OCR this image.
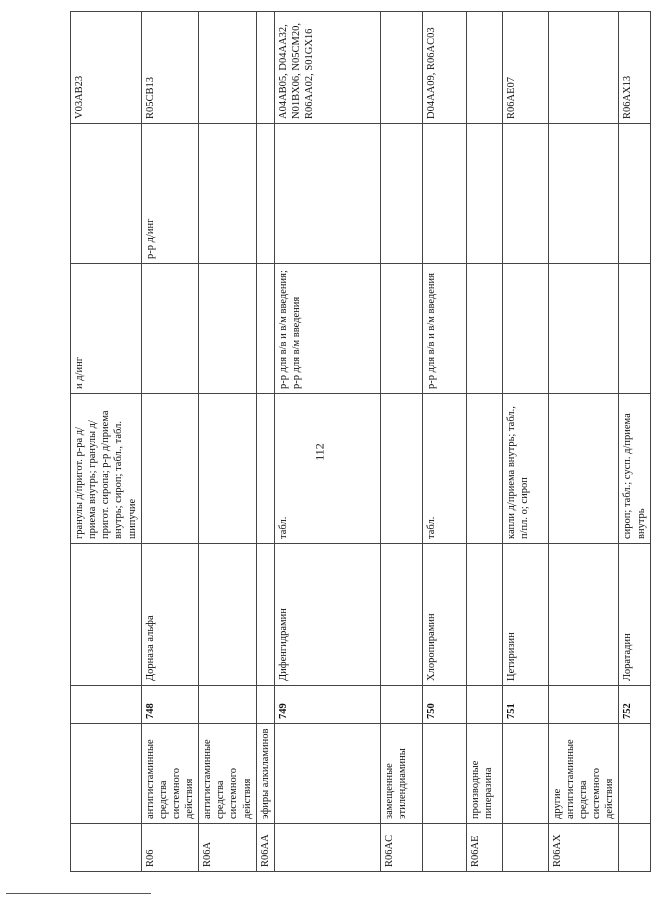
112
				гранулы д/пригот. р-ра д/приема внутрь; гранулы д/пригот. сиропа; р-р д/приема внутрь; сироп; табл., табл. шипучие	и д/инг		V03AB23
R06	антигистаминные средства системного действия	748	Дорназа альфа			р-р д/инг	R05CB13
R06A	антигистаминные средства системного действия						
R06AA	эфиры алкиламинов						
		749	Дифенгидрамин	табл.	р-р для в/в и в/м введения; р-р для в/м введения		A04AB05, D04AA32, N01BX06, N05CM20, R06AA02, S01GX16
R06AC	замещенные этилендиамины						
		750	Хлоропирамин	табл.	р-р для в/в и в/м введения		D04AA09, R06AC03
R06AE	производные пиперазина						
		751	Цетиризин	капли д/приема внутрь; табл., п/пл. о; сироп			R06AE07
R06AX	другие антигистаминные средства системного действия						
		752	Лоратадин	сироп; табл.; сусп. д/приема внутрь			R06AX13
